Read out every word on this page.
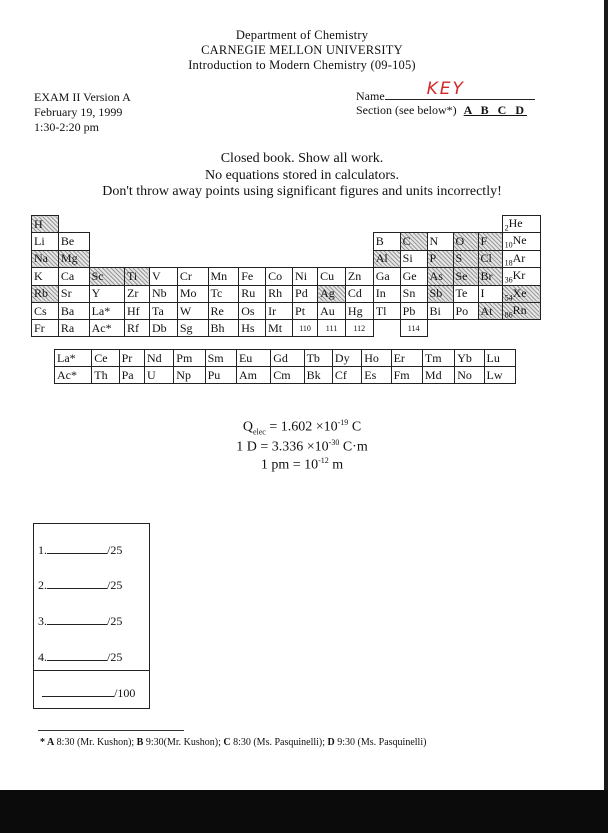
Department of Chemistry
CARNEGIE MELLON UNIVERSITY
Introduction to Modern Chemistry (09-105)
EXAM II Version A
February 19, 1999
1:30-2:20 pm
Name KEY
Section (see below*) A B C D
Closed book. Show all work.
No equations stored in calculators.
Don't throw away points using significant figures and units incorrectly!
H																	$_2$He
Li	Be											B	C	N	O	F	$_{10}$Ne
Na	Mg											Al	Si	P	S	Cl	$_{18}$Ar
K	Ca	Sc	Ti	V	Cr	Mn	Fe	Co	Ni	Cu	Zn	Ga	Ge	As	Se	Br	$_{36}$Kr
Rb	Sr	Y	Zr	Nb	Mo	Tc	Ru	Rh	Pd	Ag	Cd	In	Sn	Sb	Te	I	$_{54}$Xe
Cs	Ba	La*	Hf	Ta	W	Re	Os	Ir	Pt	Au	Hg	Tl	Pb	Bi	Po	At	$_{86}$Rn
Fr	Ra	Ac*	Rf	Db	Sg	Bh	Hs	Mt	110	111	112		114				
La*	Ce	Pr	Nd	Pm	Sm	Eu	Gd	Tb	Dy	Ho	Er	Tm	Yb	Lu
Ac*	Th	Pa	U	Np	Pu	Am	Cm	Bk	Cf	Es	Fm	Md	No	Lw
$Q_{elec} = 1.602 \times 10^{-19}$ C
1 $D = 3.336 \times 10^{-30}$ C·m
1 pm = $10^{-12}$ m
1.	/25
2.	/25
3.	/25
4.	/25
/100
* A 8:30 (Mr. Kushon); B 9:30(Mr. Kushon); C 8:30 (Ms. Pasquinelli); D 9:30 (Ms. Pasquinelli)
